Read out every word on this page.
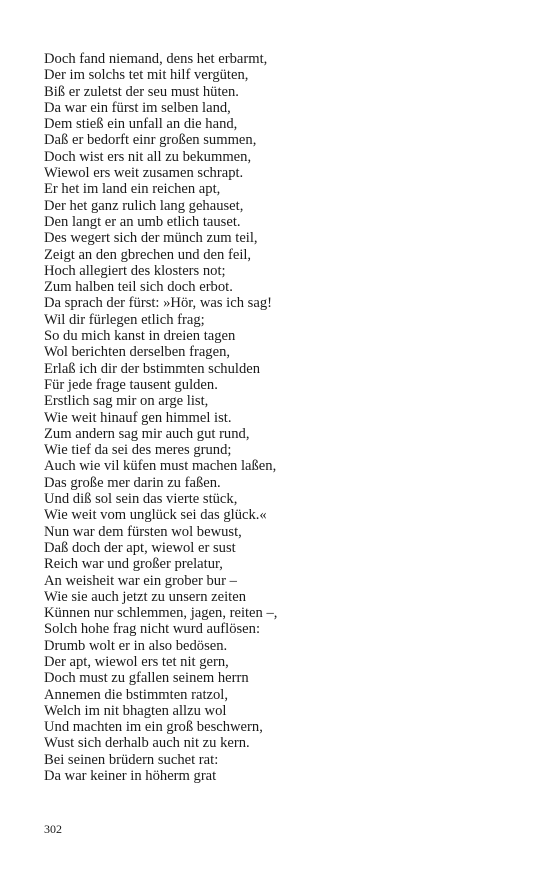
Doch fand niemand, dens het erbarmt,
Der im solchs tet mit hilf vergüten,
Biß er zuletst der seu must hüten.
Da war ein fürst im selben land,
Dem stieß ein unfall an die hand,
Daß er bedorft einr großen summen,
Doch wist ers nit all zu bekummen,
Wiewol ers weit zusamen schrapt.
Er het im land ein reichen apt,
Der het ganz rulich lang gehauset,
Den langt er an umb etlich tauset.
Des wegert sich der münch zum teil,
Zeigt an den gbrechen und den feil,
Hoch allegiert des klosters not;
Zum halben teil sich doch erbot.
Da sprach der fürst: »Hör, was ich sag!
Wil dir fürlegen etlich frag;
So du mich kanst in dreien tagen
Wol berichten derselben fragen,
Erlaß ich dir der bstimmten schulden
Für jede frage tausent gulden.
Erstlich sag mir on arge list,
Wie weit hinauf gen himmel ist.
Zum andern sag mir auch gut rund,
Wie tief da sei des meres grund;
Auch wie vil küfen must machen laßen,
Das große mer darin zu faßen.
Und diß sol sein das vierte stück,
Wie weit vom unglück sei das glück.«
Nun war dem fürsten wol bewust,
Daß doch der apt, wiewol er sust
Reich war und großer prelatur,
An weisheit war ein grober bur –
Wie sie auch jetzt zu unsern zeiten
Künnen nur schlemmen, jagen, reiten –,
Solch hohe frag nicht wurd auflösen:
Drumb wolt er in also bedösen.
Der apt, wiewol ers tet nit gern,
Doch must zu gfallen seinem herrn
Annemen die bstimmten ratzol,
Welch im nit bhagten allzu wol
Und machten im ein groß beschwern,
Wust sich derhalb auch nit zu kern.
Bei seinen brüdern suchet rat:
Da war keiner in höherm grat
302
